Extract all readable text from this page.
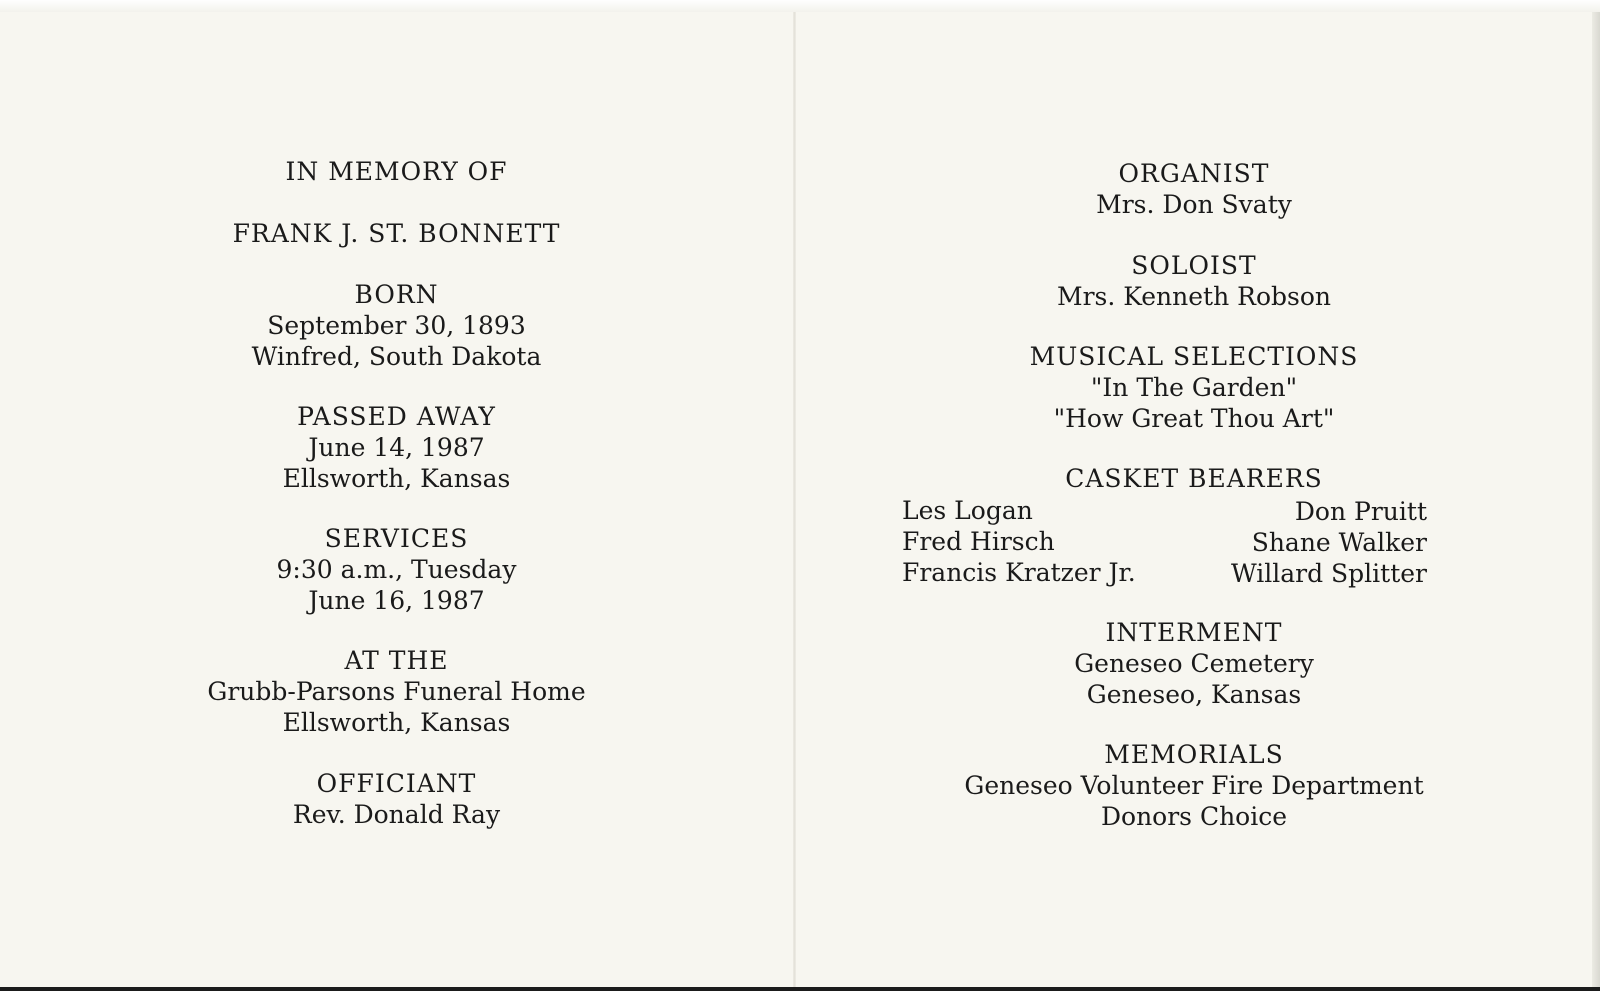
IN MEMORY OF
FRANK J. ST. BONNETT
BORN
September 30, 1893
Winfred, South Dakota
PASSED AWAY
June 14, 1987
Ellsworth, Kansas
SERVICES
9:30 a.m., Tuesday
June 16, 1987
AT THE
Grubb-Parsons Funeral Home
Ellsworth, Kansas
OFFICIANT
Rev. Donald Ray
ORGANIST
Mrs. Don Svaty
SOLOIST
Mrs. Kenneth Robson
MUSICAL SELECTIONS
"In The Garden"
"How Great Thou Art"
CASKET BEARERS
Les Logan
Fred Hirsch
Francis Kratzer Jr.
Don Pruitt
Shane Walker
Willard Splitter
INTERMENT
Geneseo Cemetery
Geneseo, Kansas
MEMORIALS
Geneseo Volunteer Fire Department
Donors Choice
